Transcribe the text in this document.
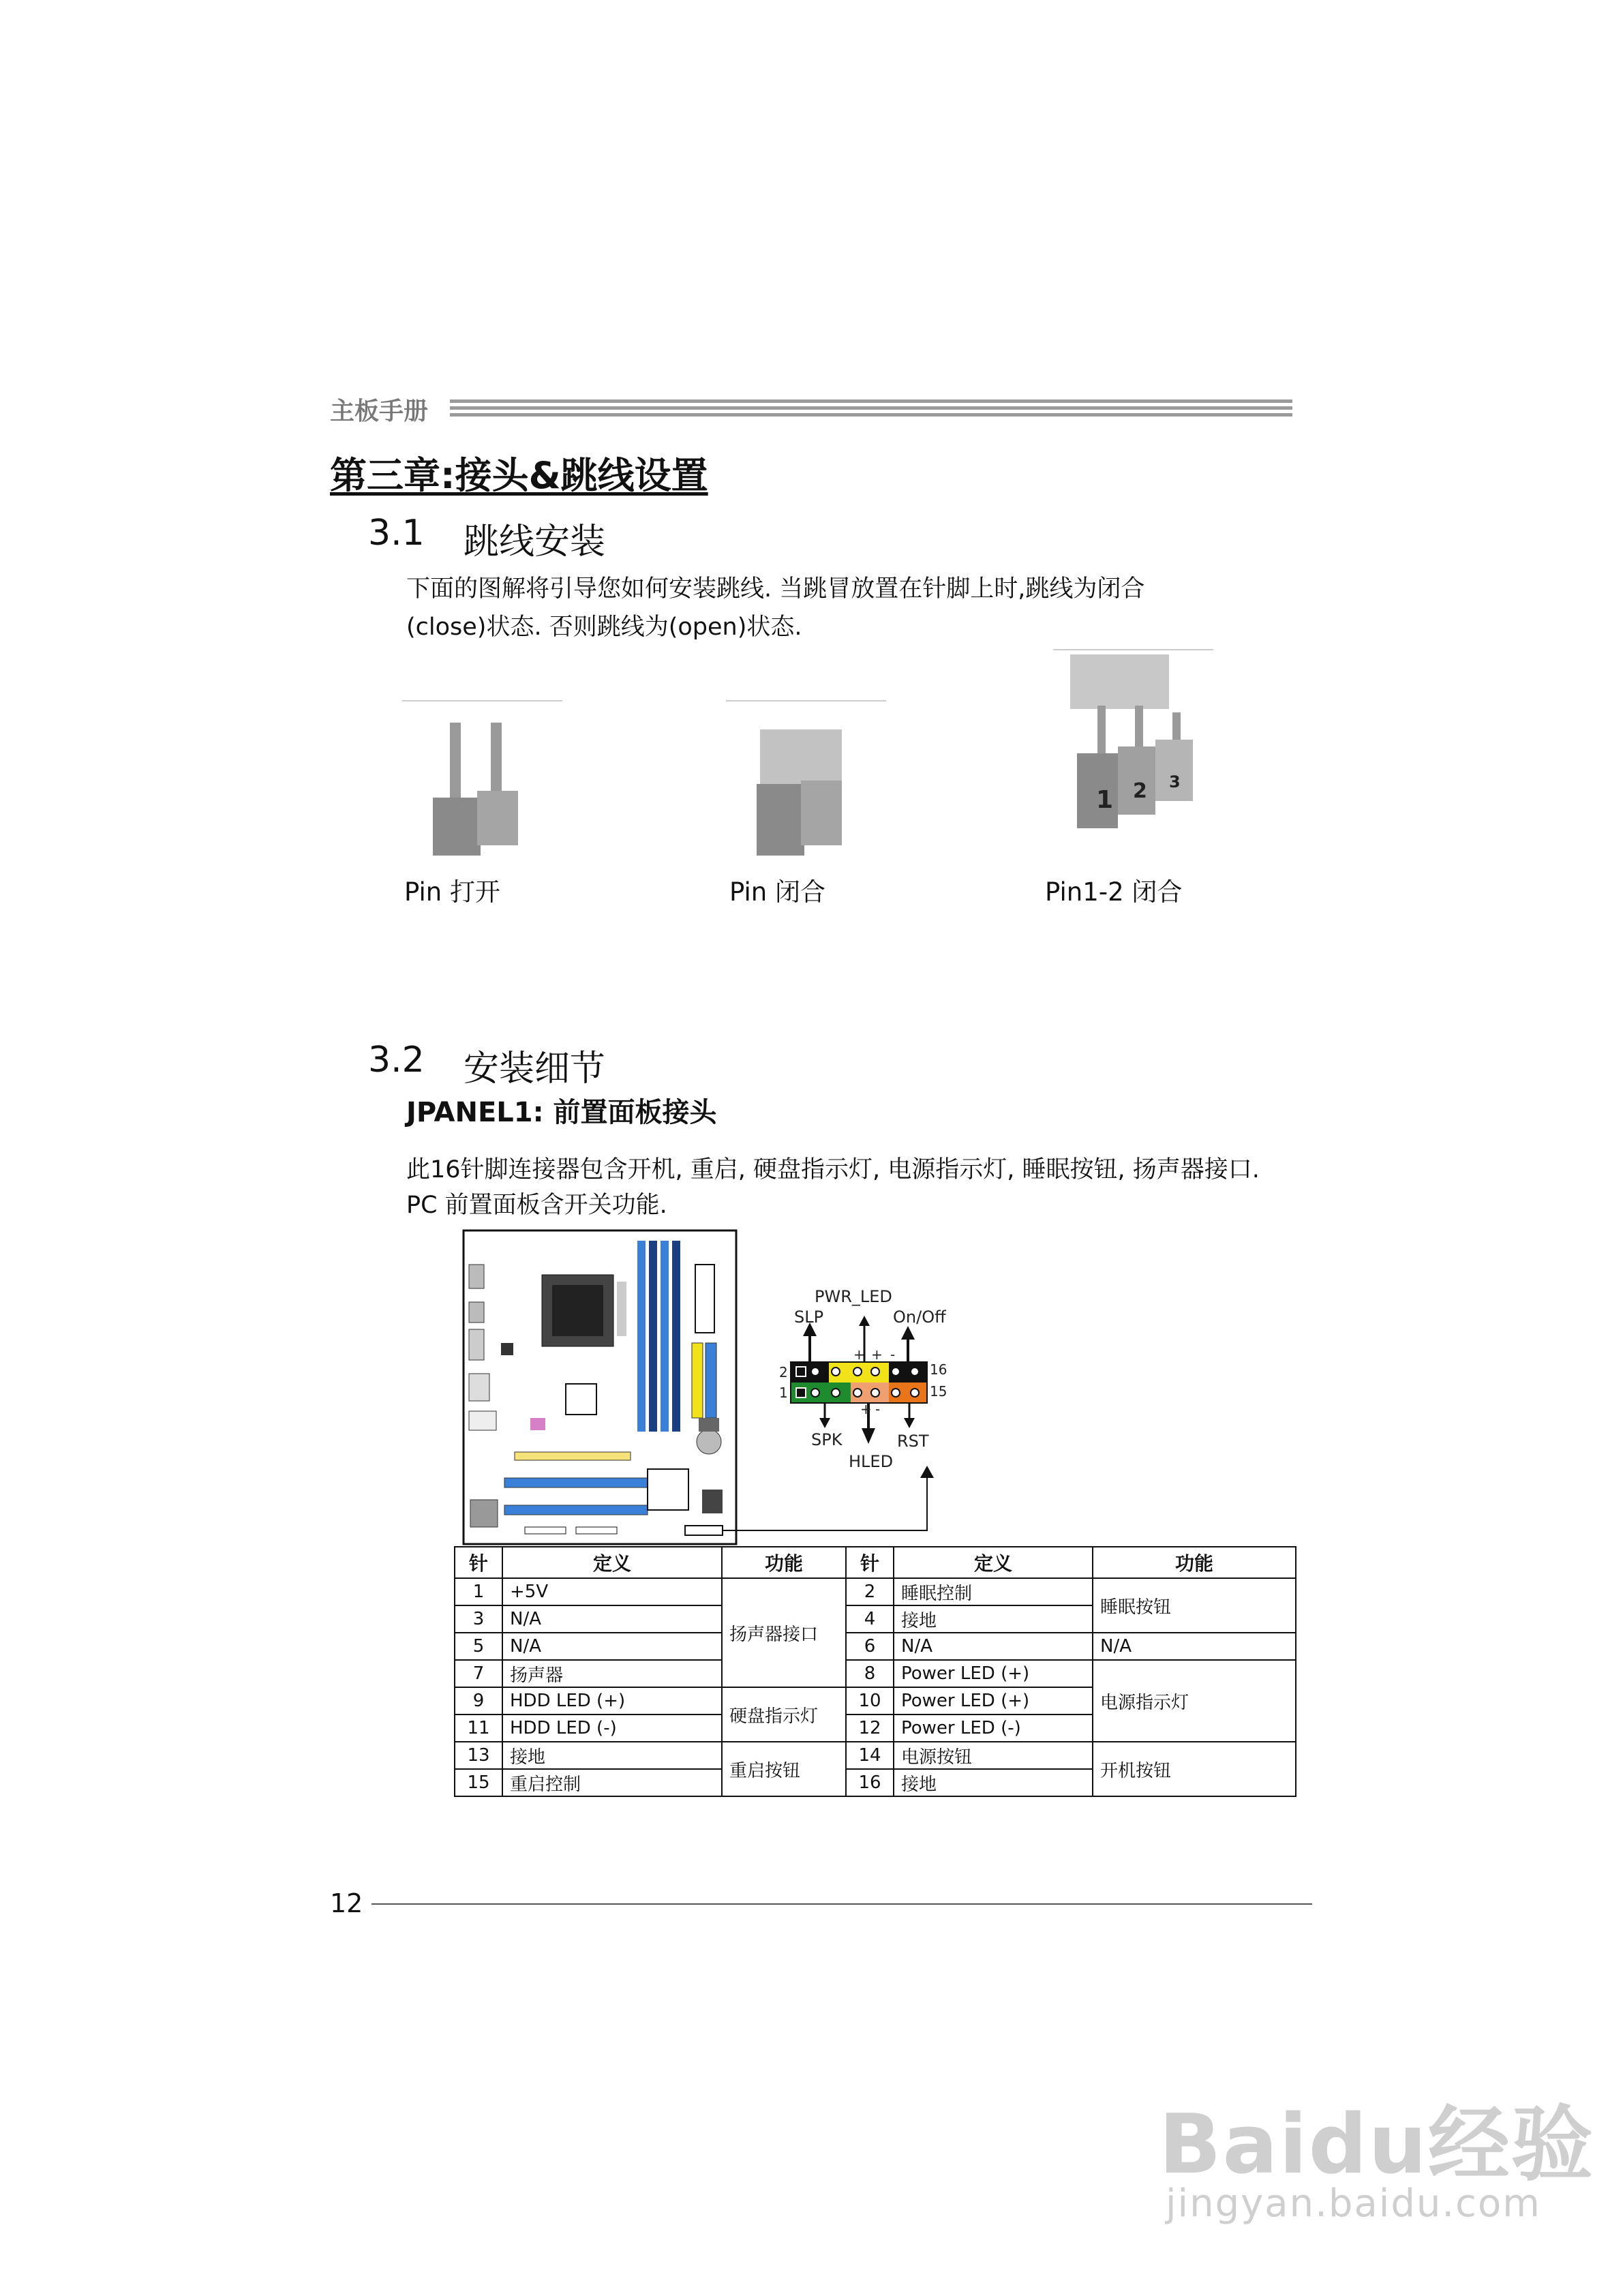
主板手册
第三章:接头&跳线设置
3.1 跳线安装
下面的图解将引导您如何安装跳线. 当跳冒放置在针脚上时,跳线为闭合
(close)状态. 否则跳线为(open)状态.
1 2 3
Pin 打开	Pin 闭合	Pin1-2 闭合
3.2 安装细节
JPANEL1: 前置面板接头
此16针脚连接器包含开机, 重启, 硬盘指示灯, 电源指示灯, 睡眠按钮, 扬声器接口.
PC 前置面板含开关功能.
PWR_LED
SLP	On/Off
SPK	RST
HLED
2
1
16
15
+ + -
+ -
针	定义	功能	针	定义	功能
1	+5V	扬声器接口	2	睡眠控制	睡眠按钮
3	N/A		4	接地	
5	N/A		6	N/A	N/A
7	扬声器		8	Power LED (+)	电源指示灯
9	HDD LED (+)	硬盘指示灯	10	Power LED (+)	
11	HDD LED (-)		12	Power LED (-)	
13	接地	重启按钮	14	电源按钮	开机按钮
15	重启控制		16	接地	
12
Baidu经验
jingyan.baidu.com
